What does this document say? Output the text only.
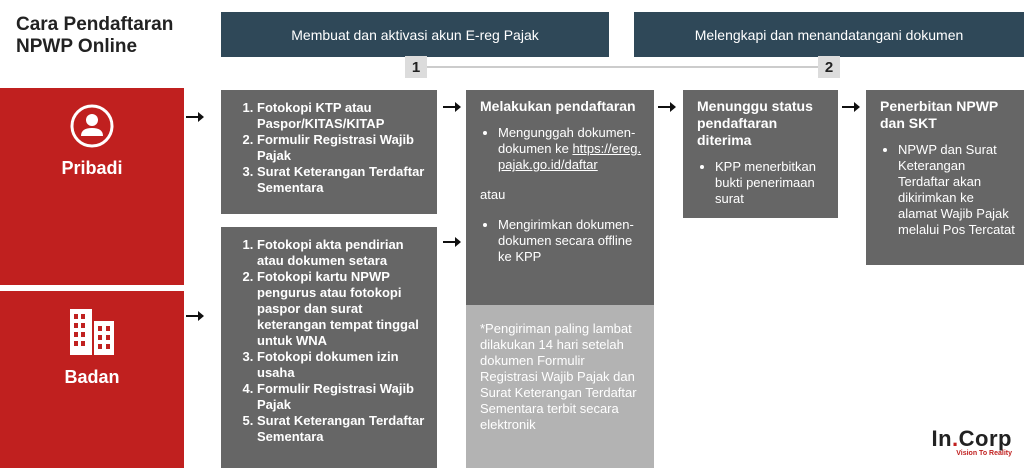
Cara Pendaftaran
NPWP Online
Membuat dan aktivasi akun E-reg Pajak	Melengkapi dan menandatangani dokumen
1	2
Pribadi
Badan
1. Fotokopi KTP atau Paspor/KITAS/KITAP
2. Formulir Registrasi Wajib Pajak
3. Surat Keterangan Terdaftar Sementara
1. Fotokopi akta pendirian atau dokumen setara
2. Fotokopi kartu NPWP pengurus atau fotokopi paspor dan surat keterangan tempat tinggal untuk WNA
3. Fotokopi dokumen izin usaha
4. Formulir Registrasi Wajib Pajak
5. Surat Keterangan Terdaftar Sementara
Melakukan pendaftaran
• Mengunggah dokumen-dokumen ke https://ereg.pajak.go.id/daftar
atau
• Mengirimkan dokumen-dokumen secara offline ke KPP
*Pengiriman paling lambat dilakukan 14 hari setelah dokumen Formulir Registrasi Wajib Pajak dan Surat Keterangan Terdaftar Sementara terbit secara elektronik
Menunggu status pendaftaran diterima
• KPP menerbitkan bukti penerimaan surat
Penerbitan NPWP dan SKT
• NPWP dan Surat Keterangan Terdaftar akan dikirimkan ke alamat Wajib Pajak melalui Pos Tercatat
In.Corp
Vision To Reality
